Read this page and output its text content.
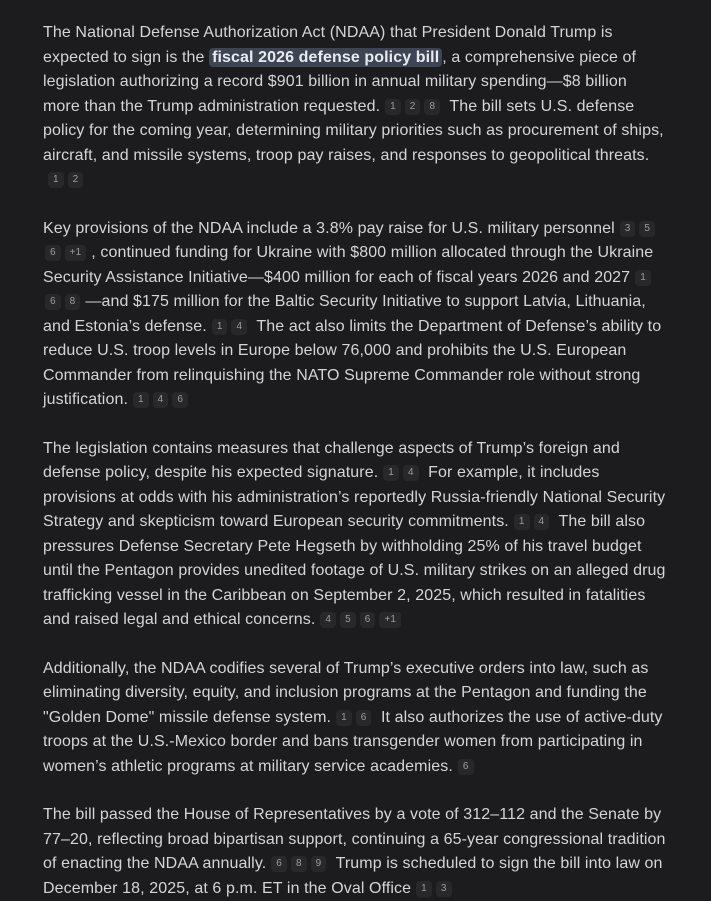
The National Defense Authorization Act (NDAA) that President Donald Trump is expected to sign is the fiscal 2026 defense policy bill , a comprehensive piece of legislation authorizing a record $901 billion in annual military spending—$8 billion more than the Trump administration requested. 1 2 8 The bill sets U.S. defense policy for the coming year, determining military priorities such as procurement of ships, aircraft, and missile systems, troop pay raises, and responses to geopolitical threats.1 2

Key provisions of the NDAA include a 3.8% pay raise for U.S. military personnel 3 56 +1 , continued funding for Ukraine with $800 million allocated through the Ukraine Security Assistance Initiative—$400 million for each of fiscal years 2026 and 2027 16 8 —and $175 million for the Baltic Security Initiative to support Latvia, Lithuania, and Estonia’s defense. 1 4 The act also limits the Department of Defense’s ability to reduce U.S. troop levels in Europe below 76,000 and prohibits the U.S. European Commander from relinquishing the NATO Supreme Commander role without strong justification. 1 4 6

The legislation contains measures that challenge aspects of Trump’s foreign and defense policy, despite his expected signature. 1 4 For example, it includes provisions at odds with his administration’s reportedly Russia-friendly National Security Strategy and skepticism toward European security commitments. 1 4 The bill also pressures Defense Secretary Pete Hegseth by withholding 25% of his travel budget until the Pentagon provides unedited footage of U.S. military strikes on an alleged drug trafficking vessel in the Caribbean on September 2, 2025, which resulted in fatalities and raised legal and ethical concerns. 4 5 6 +1

Additionally, the NDAA codifies several of Trump’s executive orders into law, such as eliminating diversity, equity, and inclusion programs at the Pentagon and funding the "Golden Dome" missile defense system. 1 6 It also authorizes the use of active-duty troops at the U.S.-Mexico border and bans transgender women from participating in women’s athletic programs at military service academies. 6

The bill passed the House of Representatives by a vote of 312–112 and the Senate by 77–20, reflecting broad bipartisan support, continuing a 65-year congressional tradition of enacting the NDAA annually. 6 8 9 Trump is scheduled to sign the bill into law on December 18, 2025, at 6 p.m. ET in the Oval Office 1 3
